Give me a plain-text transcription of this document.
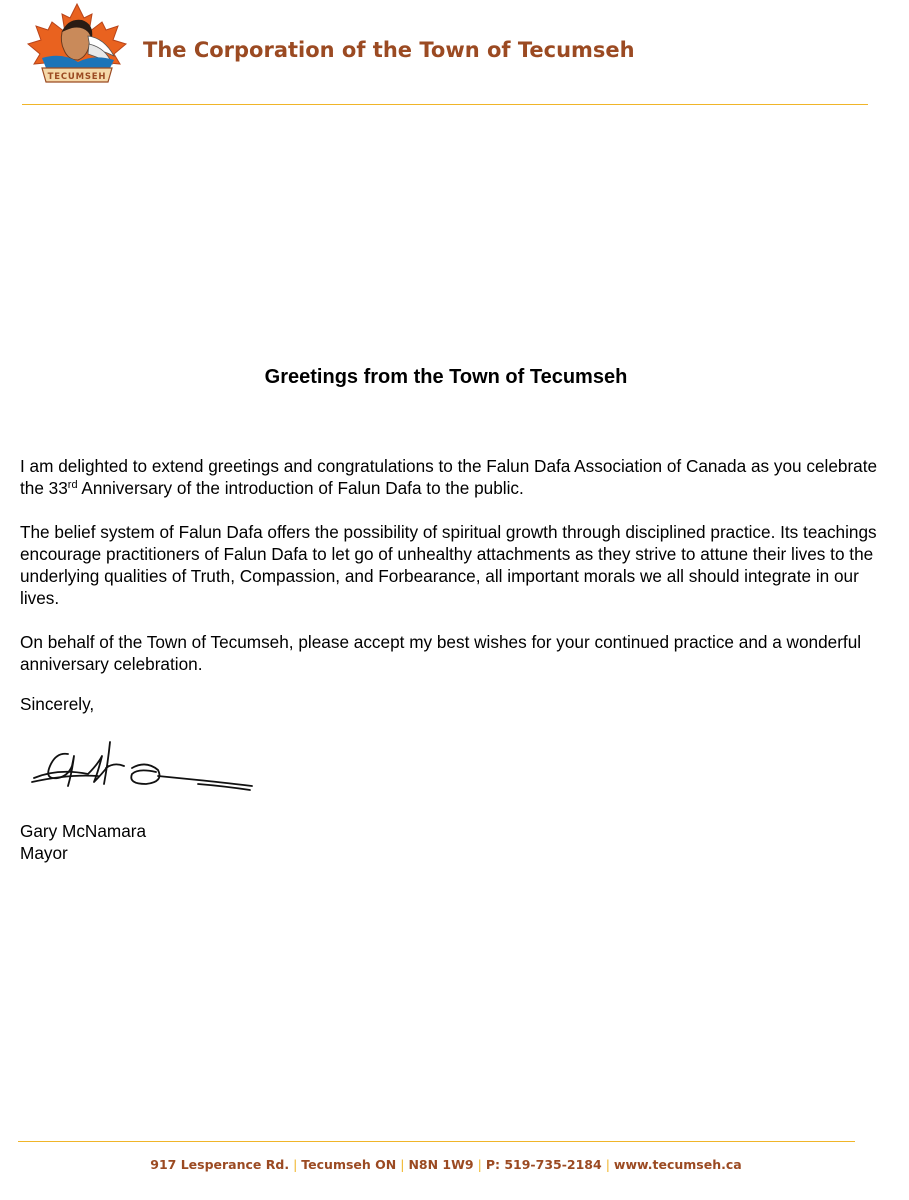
TECUMSEH
The Corporation of the Town of Tecumseh
Greetings from the Town of Tecumseh

I am delighted to extend greetings and congratulations to the Falun Dafa Association of Canada as you celebrate the 33rd Anniversary of the introduction of Falun Dafa to the public.

The belief system of Falun Dafa offers the possibility of spiritual growth through disciplined practice. Its teachings encourage practitioners of Falun Dafa to let go of unhealthy attachments as they strive to attune their lives to the underlying qualities of Truth, Compassion, and Forbearance, all important morals we all should integrate in our lives.

On behalf of the Town of Tecumseh, please accept my best wishes for your continued practice and a wonderful anniversary celebration.

Sincerely,
Gary McNamara
Mayor
917 Lesperance Rd. | Tecumseh ON | N8N 1W9 | P: 519-735-2184 | www.tecumseh.ca
